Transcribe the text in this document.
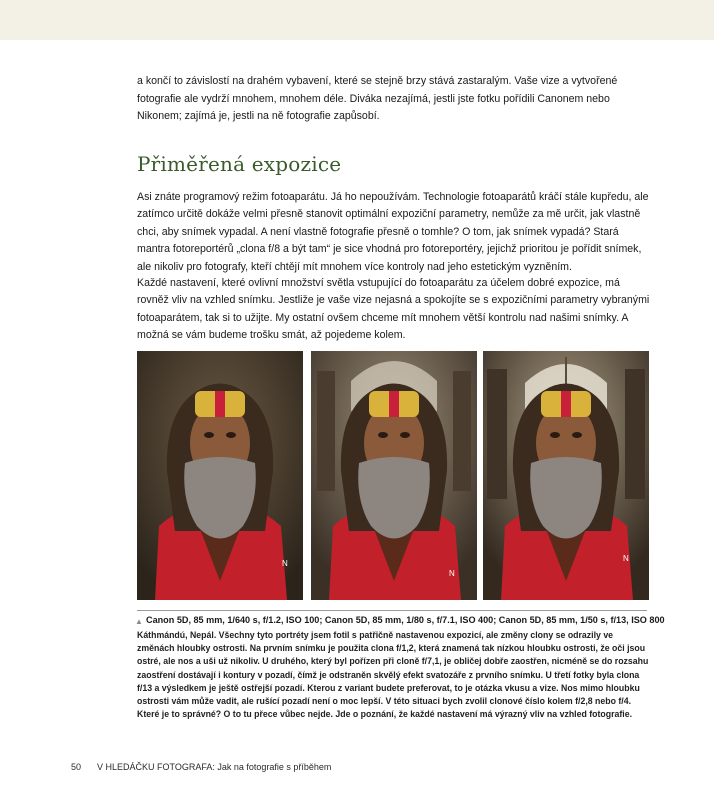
a končí to závislostí na drahém vybavení, které se stejně brzy stává zastaralým. Vaše vize a vytvořené fotografie ale vydrží mnohem, mnohem déle. Diváka nezajímá, jestli jste fotku pořídili Canonem nebo Nikonem; zajímá je, jestli na ně fotografie zapůsobí.

Přiměřená expozice

Asi znáte programový režim fotoaparátu. Já ho nepoužívám. Technologie fotoaparátů kráčí stále kupředu, ale zatímco určitě dokáže velmi přesně stanovit optimální expoziční parametry, nemůže za mě určit, jak vlastně chci, aby snímek vypadal. A není vlastně fotografie přesně o tomhle? O tom, jak snímek vypadá? Stará mantra fotoreportérů „clona f/8 a být tam“ je sice vhodná pro fotoreportéry, jejichž prioritou je pořídit snímek, ale nikoliv pro fotografy, kteří chtějí mít mnohem více kontroly nad jeho estetickým vyzněním.

Každé nastavení, které ovlivní množství světla vstupující do fotoaparátu za účelem dobré expozice, má rovněž vliv na vzhled snímku. Jestliže je vaše vize nejasná a spokojíte se s expozičními parametry vybranými fotoaparátem, tak si to užijte. My ostatní ovšem chceme mít mnohem větší kontrolu nad našimi snímky. A možná se vám budeme trošku smát, až pojedeme kolem.

N
N
N
▲ Canon 5D, 85 mm, 1/640 s, f/1.2, ISO 100; Canon 5D, 85 mm, 1/80 s, f/7.1, ISO 400; Canon 5D, 85 mm, 1/50 s, f/13, ISO 800

Káthmándú, Nepál. Všechny tyto portréty jsem fotil s patřičně nastavenou expozicí, ale změny clony se odrazily ve změnách hloubky ostrosti. Na prvním snímku je použita clona f/1,2, která znamená tak nízkou hloubku ostrosti, že oči jsou ostré, ale nos a uši už nikoliv. U druhého, který byl pořízen při cloně f/7,1, je obličej dobře zaostřen, nicméně se do rozsahu zaostření dostávají i kontury v pozadí, čímž je odstraněn skvělý efekt svatozáře z prvního snímku. U třetí fotky byla clona f/13 a výsledkem je ještě ostřejší pozadí. Kterou z variant budete preferovat, to je otázka vkusu a vize. Nos mimo hloubku ostrosti vám může vadit, ale rušící pozadí není o moc lepší. V této situaci bych zvolil clonové číslo kolem f/2,8 nebo f/4. Které je to správné? O to tu přece vůbec nejde. Jde o poznání, že každé nastavení má výrazný vliv na vzhled fotografie.

50 V HLEDÁČKU FOTOGRAFA: Jak na fotografie s příběhem
